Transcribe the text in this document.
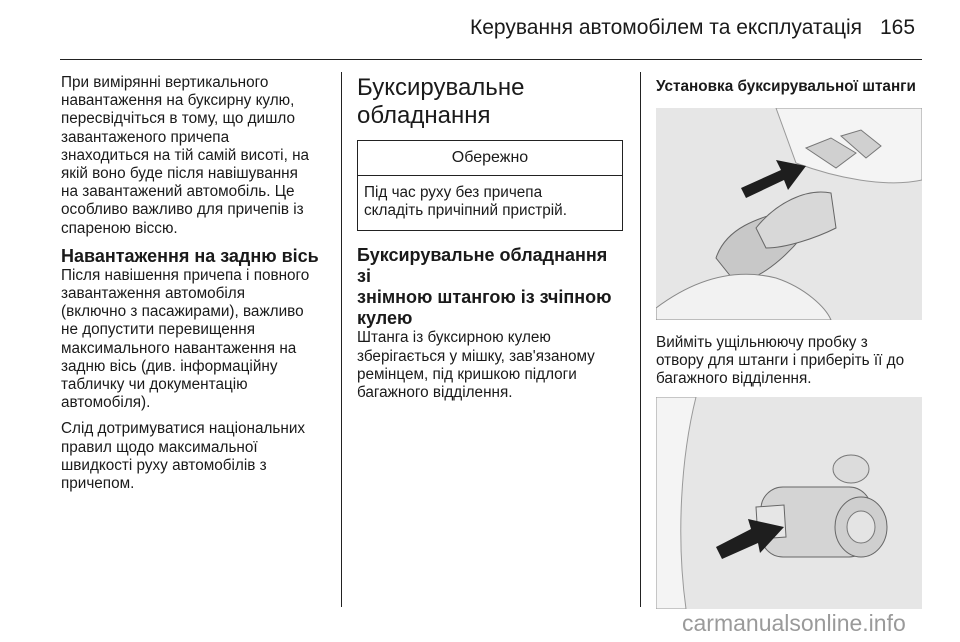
Керування автомобілем та експлуатація 165

При виміряннi вертикального
навантаження на буксирну кулю,
пересвідчіться в тому, що дишло
завантаженого причепа
знаходиться на тій самій висоті, на
якій воно буде після навішування
на завантажений автомобіль. Це
особливо важливо для причепів із
спареною віссю.

Навантаження на задню вісь

Після навішення причепа і повного
завантаження автомобіля
(включно з пасажирами), важливо
не допустити перевищення
максимального навантаження на
задню вісь (див. інформаційну
табличку чи документацію
автомобіля).

Слід дотримуватися національних
правил щодо максимальної
швидкості руху автомобілів з
причепом.

Буксирувальне
обладнання
Обережно
Під час руху без причепа
складіть причіпний пристрій.
Буксирувальне обладнання зі
знімною штангою із зчіпною
кулею

Штанга із буксирною кулею
зберігається у мішку, зав'язаному
ремінцем, під кришкою підлоги
багажного відділення.

Установка буксирувальної штанги

Вийміть ущільнюючу пробку з
отвору для штанги і приберіть її до
багажного відділення.

carmanualsonline.info
